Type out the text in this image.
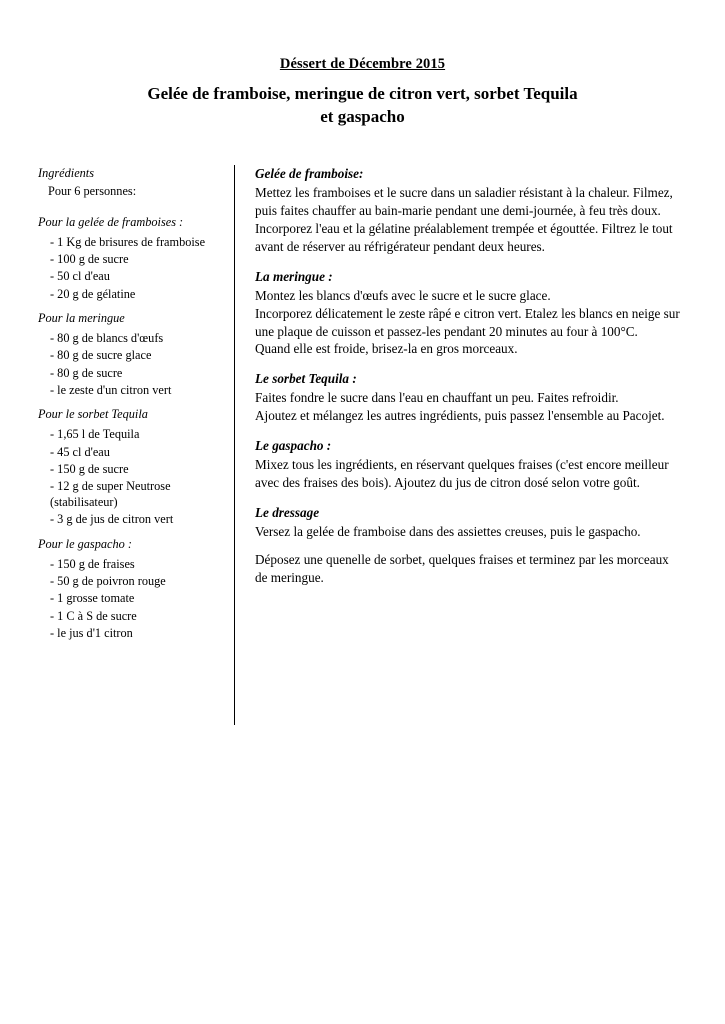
Déssert de Décembre 2015
Gelée de framboise, meringue de citron vert, sorbet Tequila
et gaspacho
Ingrédients
Pour 6 personnes:
Pour la gelée de framboises :
- 1 Kg de brisures de framboise
- 100 g de sucre
- 50 cl d'eau
- 20 g de gélatine
Pour la meringue
- 80 g de blancs d'œufs
- 80 g de sucre glace
- 80 g de sucre
- le zeste d'un citron vert
Pour le sorbet Tequila
- 1,65 l de Tequila
- 45 cl d'eau
- 150 g de sucre
- 12 g de super Neutrose (stabilisateur)
- 3 g de jus de citron vert
Pour le gaspacho :
- 150 g de fraises
- 50 g de poivron rouge
- 1 grosse tomate
- 1 C à S de sucre
- le jus d'1 citron
Gelée de framboise:

Mettez les framboises et le sucre dans un saladier résistant à la chaleur. Filmez, puis faites chauffer au bain-marie pendant une demi-journée, à feu très doux.

Incorporez l'eau et la gélatine préalablement trempée et égouttée. Filtrez le tout avant de réserver au réfrigérateur pendant deux heures.

La meringue :

Montez les blancs d'œufs avec le sucre et le sucre glace.

Incorporez délicatement le zeste râpé e citron vert. Etalez les blancs en neige sur une plaque de cuisson et passez-les pendant 20 minutes au four à 100°C.

Quand elle est froide, brisez-la en gros morceaux.

Le sorbet Tequila :

Faites fondre le sucre dans l'eau en chauffant un peu. Faites refroidir.

Ajoutez et mélangez les autres ingrédients, puis passez l'ensemble au Pacojet.

Le gaspacho :

Mixez tous les ingrédients, en réservant quelques fraises (c'est encore meilleur avec des fraises des bois). Ajoutez du jus de citron dosé selon votre goût.

Le dressage

Versez la gelée de framboise dans des assiettes creuses, puis le gaspacho.

Déposez une quenelle de sorbet, quelques fraises et terminez par les morceaux de meringue.
